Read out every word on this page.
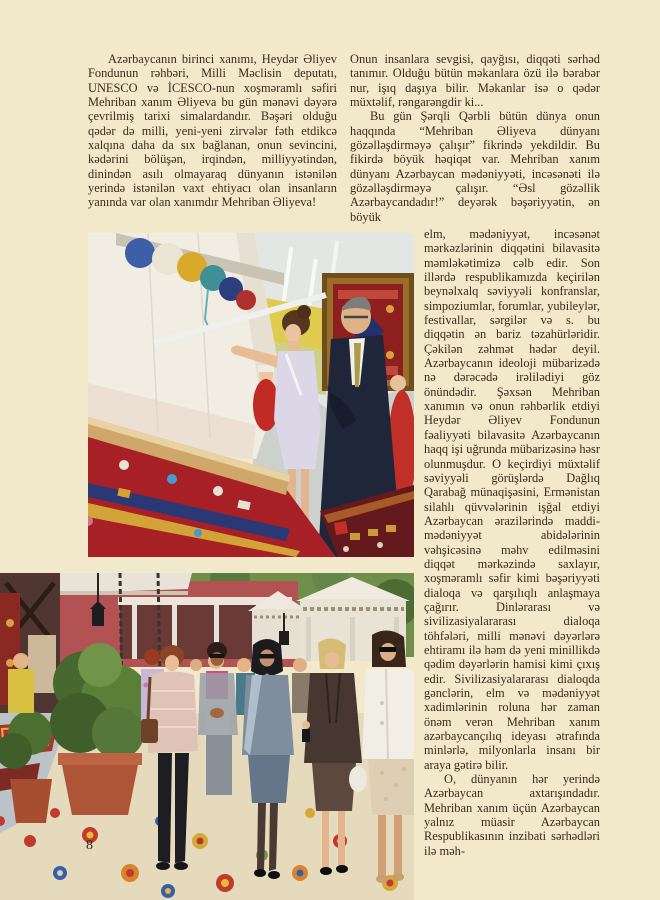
Azərbaycanın birinci xanımı, Heydər Əliyev Fondunun rəhbəri, Milli Məclisin deputatı, UNESCO və İCESCO-nun xoşməramlı səfiri Mehriban xanım Əliyeva bu gün mənəvi dəyərə çevrilmiş tarixi simalardandır. Bəşəri olduğu qədər də milli, yeni-yeni zirvələr fəth etdikcə xalqına daha da sıx bağlanan, onun sevincini, kədərini bölüşən, irqindən, milliyyətindən, dinindən asılı olmayaraq dünyanın istənilən yerində istənilən vaxt ehtiyacı olan insanların yanında var olan xanımdır Mehriban Əliyeva!

Onun insanlara sevgisi, qayğısı, diqqəti sərhəd tanımır. Olduğu bütün məkanlara özü ilə bərabər nur, işıq daşıya bilir. Məkanlar isə o qədər müxtəlif, rəngarəngdir ki...

Bu gün Şərqli Qərbli bütün dünya onun haqqında “Mehriban Əliyeva dünyanı gözəlləşdirməyə çalışır” fikrində yekdildir. Bu fikirdə böyük həqiqət var. Mehriban xanım dünyanı Azərbaycan mədəniyyəti, incəsənəti ilə gözəlləşdirməyə çalışır. “Əsl gözəllik Azərbaycandadır!” deyərək bəşəriyyətin, ən böyük

elm, mədəniyyət, incəsənət mərkəzlərinin diqqətini bilavasitə məmləkətimizə cəlb edir. Son illərdə respublikamızda keçirilən beynəlxalq səviyyəli konfranslar, simpoziumlar, forumlar, yubileylər, festivallar, sərgilər və s. bu diqqətin ən bariz təzahürləridir. Çəkilən zəhmət hədər deyil. Azərbaycanın ideoloji mübarizədə nə dərəcədə irəlilədiyi göz önündədir. Şəxsən Mehriban xanımın və onun rəhbərlik etdiyi Heydər Əliyev Fondunun fəaliyyəti bilavasitə Azərbaycanın haqq işi uğrunda mübarizəsinə həsr olunmuşdur. O keçirdiyi müxtəlif səviyyəli görüşlərdə Dağlıq Qarabağ münaqişəsini, Ermənistan silahlı qüvvələrinin işğal etdiyi Azərbaycan ərazilərində maddi-mədəniyyət abidələrinin vəhşicəsinə məhv edilməsini diqqət mərkəzində saxlayır, xoşməramlı səfir kimi bəşəriyyəti dialoqa və qarşılıqlı anlaşmaya çağırır. Dinlərarası və sivilizasiyalararası dialoqa töhfələri, milli mənəvi dəyərlərə ehtiramı ilə həm də yeni minillikdə qədim dəyərlərin hamisi kimi çıxış edir. Sivilizasiyalararası dialoqda gənclərin, elm və mədəniyyət xadimlərinin roluna hər zaman önəm verən Mehriban xanım azərbaycançılıq ideyası ətrafında minlərlə, milyonlarla insanı bir araya gətirə bilir.

O, dünyanın hər yerində Azərbaycan axtarışındadır. Mehriban xanım üçün Azərbaycan yalnız müasir Azərbaycan Respublikasının inzibati sərhədləri ilə məh-

8
